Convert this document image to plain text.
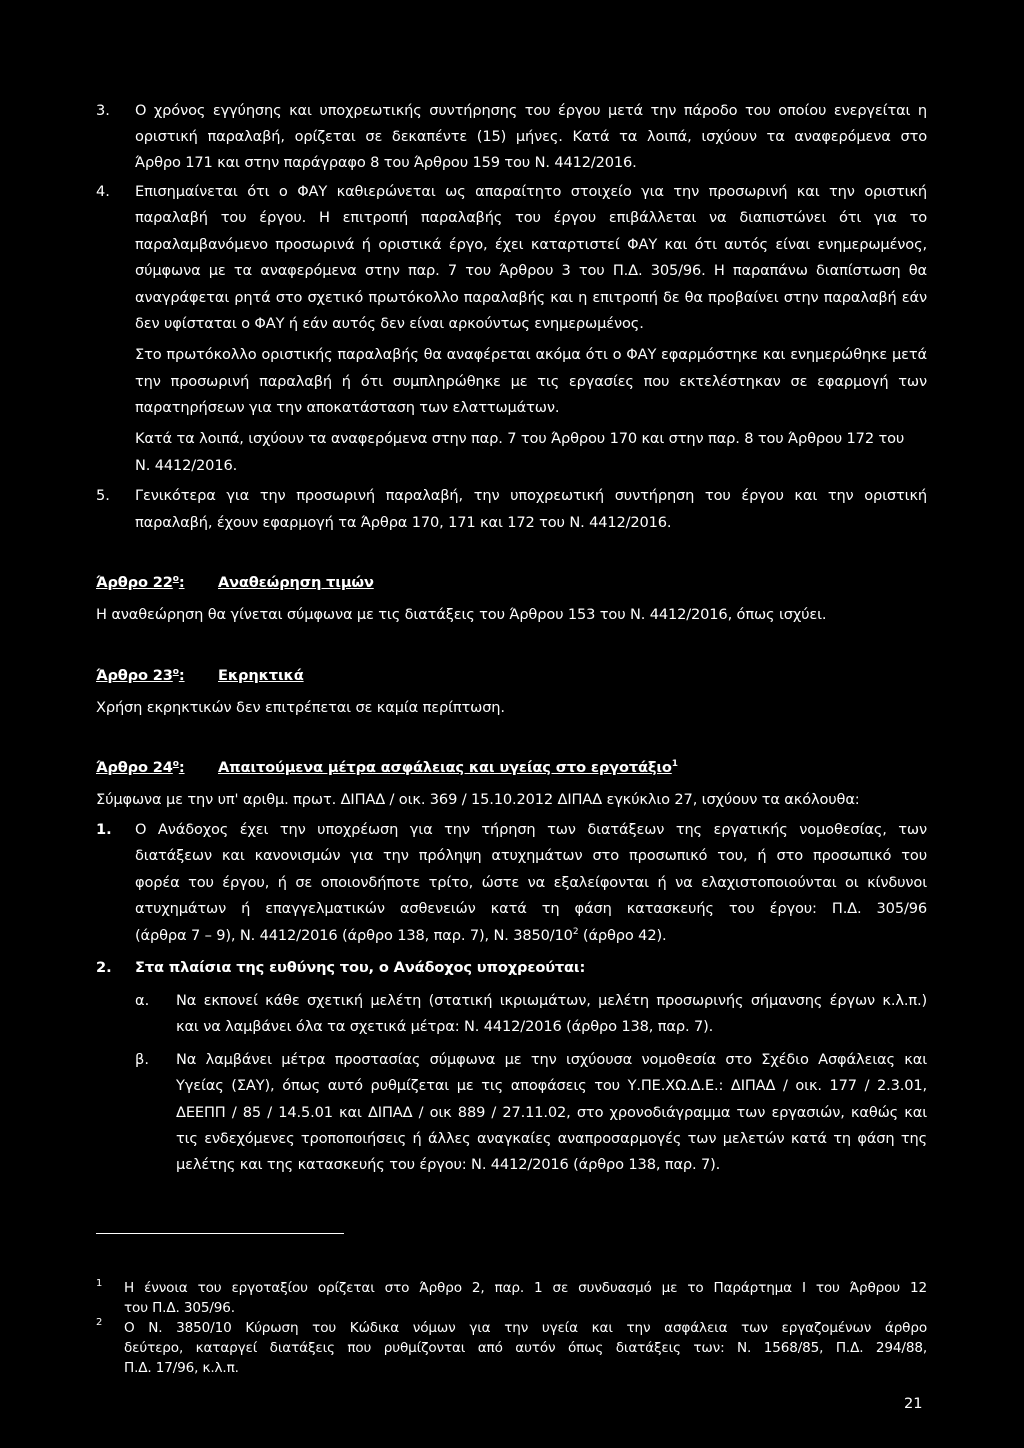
3. Ο χρόνος εγγύησης και υποχρεωτικής συντήρησης του έργου μετά την πάροδο του οποίου ενεργείται η
οριστική παραλαβή, ορίζεται σε δεκαπέντε (15) μήνες. Κατά τα λοιπά, ισχύουν τα αναφερόμενα στο
Άρθρο 171 και στην παράγραφο 8 του Άρθρου 159 του Ν. 4412/2016.
4. Επισημαίνεται ότι ο ΦΑΥ καθιερώνεται ως απαραίτητο στοιχείο για την προσωρινή και την οριστική
παραλαβή του έργου. Η επιτροπή παραλαβής του έργου επιβάλλεται να διαπιστώνει ότι για το
παραλαμβανόμενο προσωρινά ή οριστικά έργο, έχει καταρτιστεί ΦΑΥ και ότι αυτός είναι ενημερωμένος,
σύμφωνα με τα αναφερόμενα στην παρ. 7 του Άρθρου 3 του Π.Δ. 305/96. Η παραπάνω διαπίστωση θα
αναγράφεται ρητά στο σχετικό πρωτόκολλο παραλαβής και η επιτροπή δε θα προβαίνει στην παραλαβή εάν
δεν υφίσταται ο ΦΑΥ ή εάν αυτός δεν είναι αρκούντως ενημερωμένος.
Στο πρωτόκολλο οριστικής παραλαβής θα αναφέρεται ακόμα ότι ο ΦΑΥ εφαρμόστηκε και ενημερώθηκε μετά
την προσωρινή παραλαβή ή ότι συμπληρώθηκε με τις εργασίες που εκτελέστηκαν σε εφαρμογή των
παρατηρήσεων για την αποκατάσταση των ελαττωμάτων.
Κατά τα λοιπά, ισχύουν τα αναφερόμενα στην παρ. 7 του Άρθρου 170 και στην παρ. 8 του Άρθρου 172 του
Ν. 4412/2016.
5. Γενικότερα για την προσωρινή παραλαβή, την υποχρεωτική συντήρηση του έργου και την οριστική
παραλαβή, έχουν εφαρμογή τα Άρθρα 170, 171 και 172 του Ν. 4412/2016.
Άρθρο $22^o$: Αναθεώρηση τιμών
Η αναθεώρηση θα γίνεται σύμφωνα με τις διατάξεις του Άρθρου 153 του Ν. 4412/2016, όπως ισχύει.
Άρθρο $23^o$: Εκρηκτικά
Χρήση εκρηκτικών δεν επιτρέπεται σε καμία περίπτωση.
Άρθρο $24^o$: Απαιτούμενα μέτρα ασφάλειας και υγείας στο εργοτάξιο$^1$
Σύμφωνα με την υπ' αριθμ. πρωτ. ΔΙΠΑΔ / οικ. 369 / 15.10.2012 ΔΙΠΑΔ εγκύκλιο 27, ισχύουν τα ακόλουθα:
1. Ο Ανάδοχος έχει την υποχρέωση για την τήρηση των διατάξεων της εργατικής νομοθεσίας, των
διατάξεων και κανονισμών για την πρόληψη ατυχημάτων στο προσωπικό του, ή στο προσωπικό του
φορέα του έργου, ή σε οποιονδήποτε τρίτο, ώστε να εξαλείφονται ή να ελαχιστοποιούνται οι κίνδυνοι
ατυχημάτων ή επαγγελματικών ασθενειών κατά τη φάση κατασκευής του έργου: Π.Δ. 305/96
(άρθρα 7 – 9), Ν. 4412/2016 (άρθρο 138, παρ. 7), Ν. $3850/10^2$ (άρθρο 42).
2. Στα πλαίσια της ευθύνης του, ο Ανάδοχος υποχρεούται:
α. Να εκπονεί κάθε σχετική μελέτη (στατική ικριωμάτων, μελέτη προσωρινής σήμανσης έργων κ.λ.π.)
και να λαμβάνει όλα τα σχετικά μέτρα: Ν. 4412/2016 (άρθρο 138, παρ. 7).
β. Να λαμβάνει μέτρα προστασίας σύμφωνα με την ισχύουσα νομοθεσία στο Σχέδιο Ασφάλειας και
Υγείας (ΣΑΥ), όπως αυτό ρυθμίζεται με τις αποφάσεις του Υ.ΠΕ.ΧΩ.Δ.Ε.: ΔΙΠΑΔ / οικ. 177 / 2.3.01,
ΔΕΕΠΠ / 85 / 14.5.01 και ΔΙΠΑΔ / οικ 889 / 27.11.02, στο χρονοδιάγραμμα των εργασιών, καθώς και
τις ενδεχόμενες τροποποιήσεις ή άλλες αναγκαίες αναπροσαρμογές των μελετών κατά τη φάση της
μελέτης και της κατασκευής του έργου: Ν. 4412/2016 (άρθρο 138, παρ. 7).
1 Η έννοια του εργοταξίου ορίζεται στο Άρθρο 2, παρ. 1 σε συνδυασμό με το Παράρτημα Ι του Άρθρου 12
του Π.Δ. 305/96.
2 Ο Ν. 3850/10 Κύρωση του Κώδικα νόμων για την υγεία και την ασφάλεια των εργαζομένων άρθρο
δεύτερο, καταργεί διατάξεις που ρυθμίζονται από αυτόν όπως διατάξεις των: Ν. 1568/85, Π.Δ. 294/88,
Π.Δ. 17/96, κ.λ.π.
21
